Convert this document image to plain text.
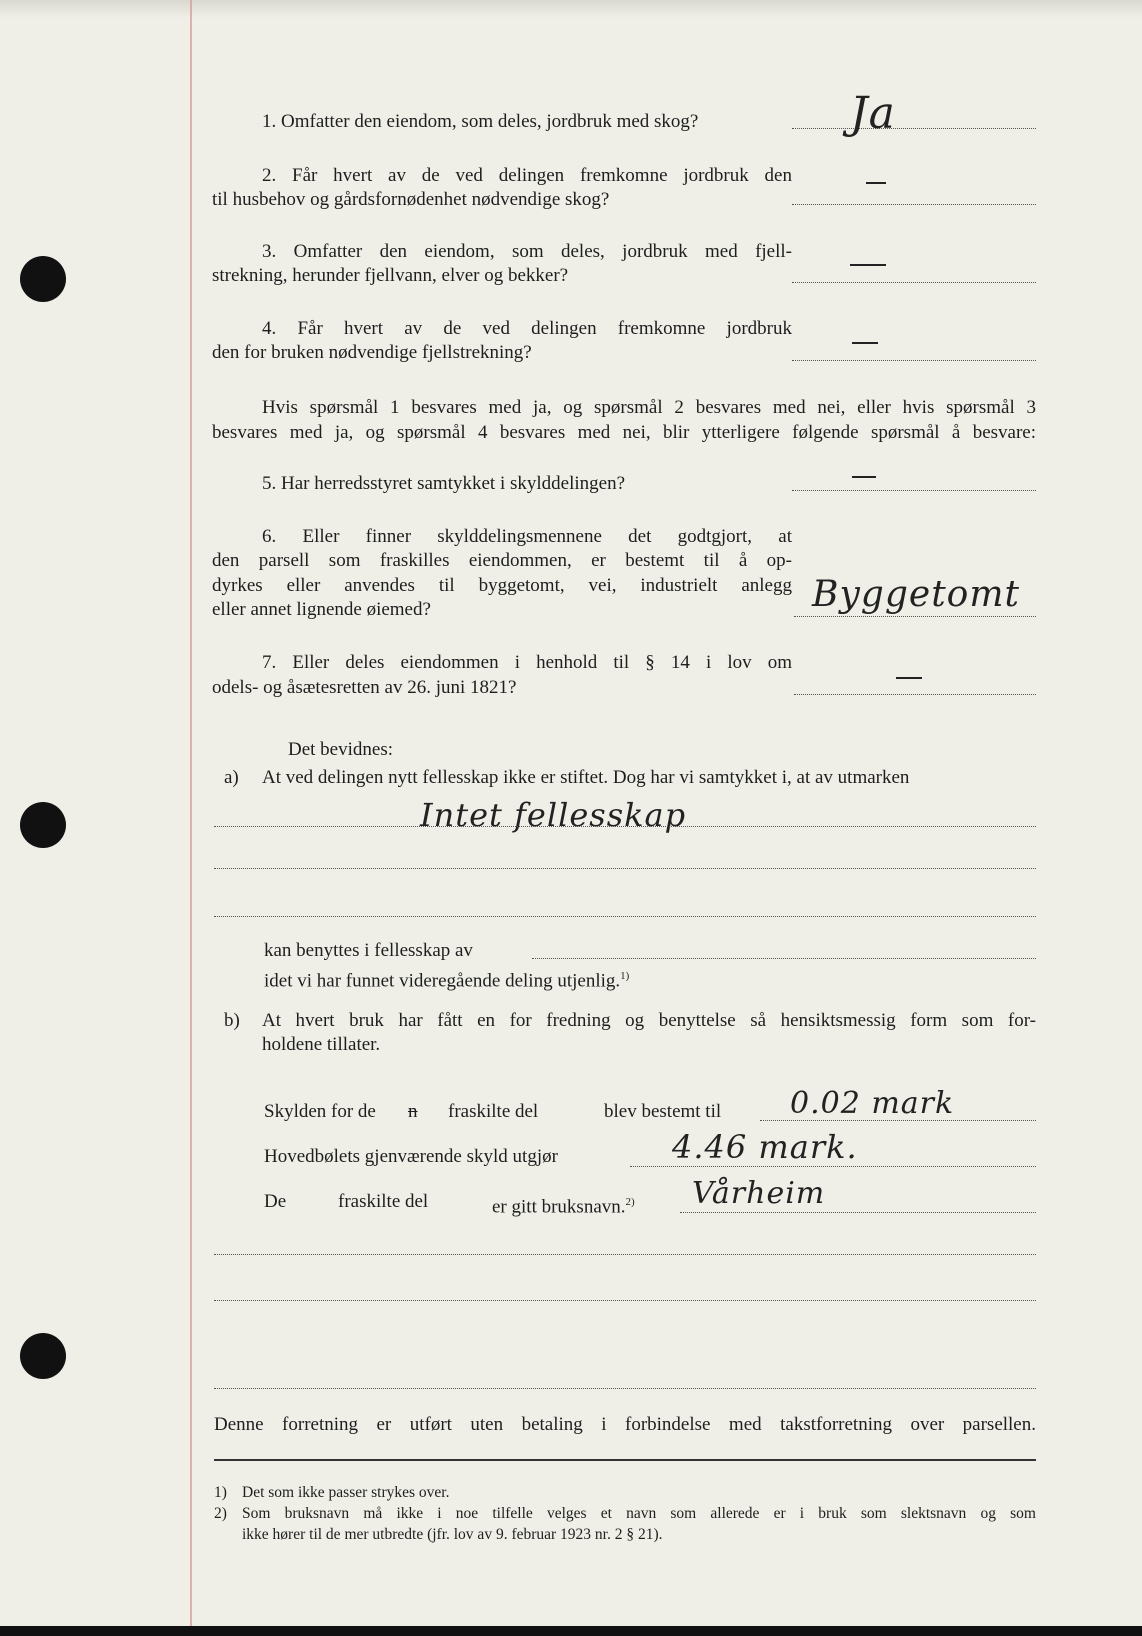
1. Omfatter den eiendom, som deles, jordbruk med skog?	Ja
2. Får hvert av de ved delingen fremkomne jordbruk den
til husbehov og gårdsfornødenhet nødvendige skog?
3. Omfatter den eiendom, som deles, jordbruk med fjell-
strekning, herunder fjellvann, elver og bekker?
4. Får hvert av de ved delingen fremkomne jordbruk
den for bruken nødvendige fjellstrekning?
Hvis spørsmål 1 besvares med ja, og spørsmål 2 besvares med nei, eller hvis spørsmål 3
besvares med ja, og spørsmål 4 besvares med nei, blir ytterligere følgende spørsmål å besvare:
5. Har herredsstyret samtykket i skylddelingen?
6. Eller finner skylddelingsmennene det godtgjort, at
den parsell som fraskilles eiendommen, er bestemt til å op-
dyrkes eller anvendes til byggetomt, vei, industrielt anlegg
eller annet lignende øiemed?	Byggetomt
7. Eller deles eiendommen i henhold til § 14 i lov om
odels- og åsætesretten av 26. juni 1821?
Det bevidnes:
a) At ved delingen nytt fellesskap ikke er stiftet. Dog har vi samtykket i, at av utmarken
Intet fellesskap
kan benyttes i fellesskap av
idet vi har funnet videregående deling utjenlig.$^{1)}$
b) At hvert bruk har fått en for fredning og benyttelse så hensiktsmessig form som for-
holdene tillater.
Skylden for de n fraskilte del	blev bestemt til 0.02 mark
Hovedbølets gjenværende skyld utgjør	4.46 mark.
De	fraskilte del	er gitt bruksnavn.$^{2)}$ Vårheim
Denne forretning er utført uten betaling i forbindelse med takstforretning over parsellen.
1) Det som ikke passer strykes over.
2) Som bruksnavn må ikke i noe tilfelle velges et navn som allerede er i bruk som slektsnavn og som
ikke hører til de mer utbredte (jfr. lov av 9. februar 1923 nr. 2 § 21).
